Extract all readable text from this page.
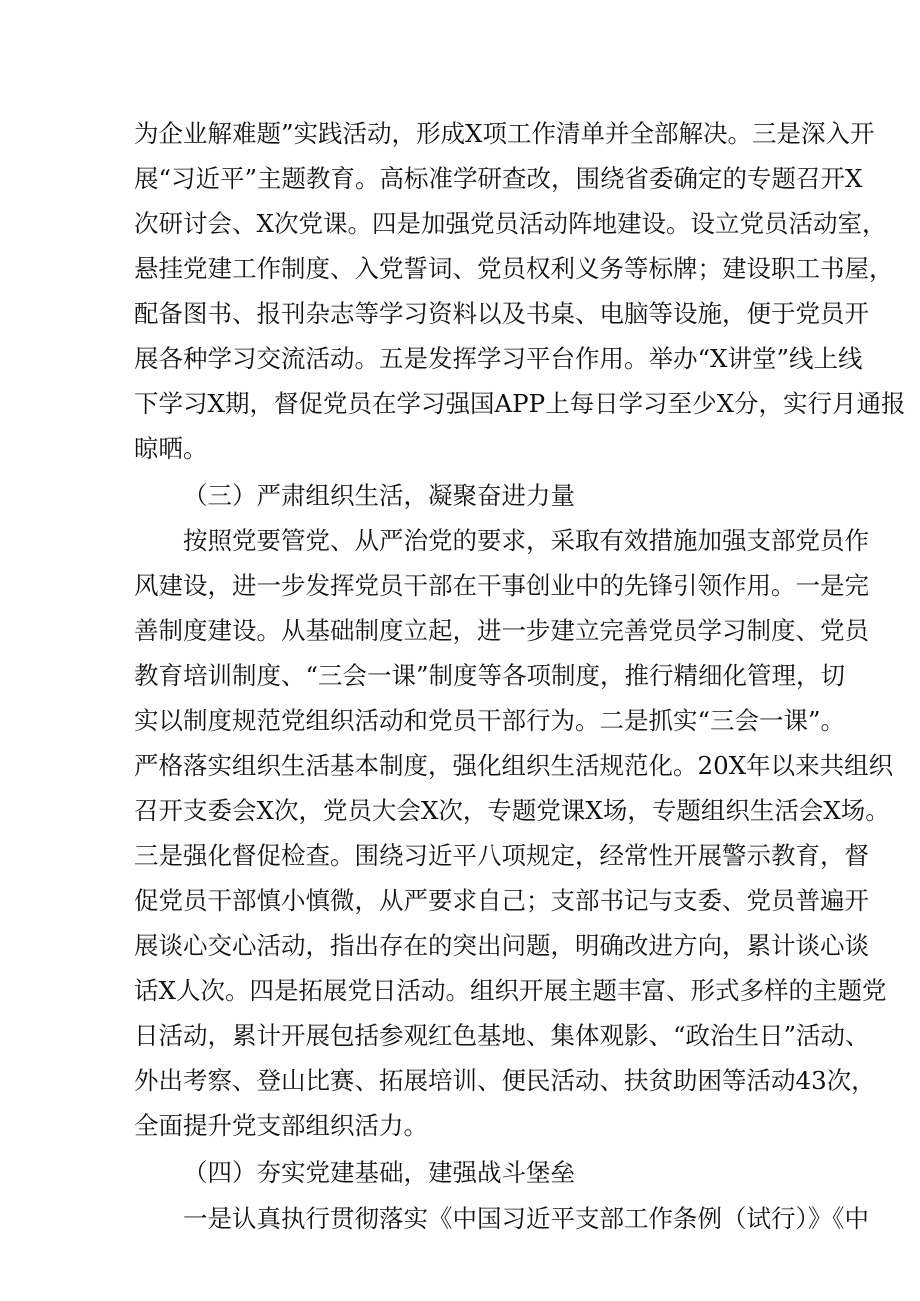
为企业解难题”实践活动，形成X项工作清单并全部解决。三是深入开
展“习近平”主题教育。高标准学研查改，围绕省委确定的专题召开X
次研讨会、X次党课。四是加强党员活动阵地建设。设立党员活动室，
悬挂党建工作制度、入党誓词、党员权利义务等标牌；建设职工书屋，
配备图书、报刊杂志等学习资料以及书桌、电脑等设施，便于党员开
展各种学习交流活动。五是发挥学习平台作用。举办“X讲堂”线上线
下学习X期，督促党员在学习强国APP上每日学习至少X分，实行月通报
晾晒。
（三）严肃组织生活，凝聚奋进力量
按照党要管党、从严治党的要求，采取有效措施加强支部党员作
风建设，进一步发挥党员干部在干事创业中的先锋引领作用。一是完
善制度建设。从基础制度立起，进一步建立完善党员学习制度、党员
教育培训制度、“三会一课”制度等各项制度，推行精细化管理，切
实以制度规范党组织活动和党员干部行为。二是抓实“三会一课”。
严格落实组织生活基本制度，强化组织生活规范化。20X年以来共组织
召开支委会X次，党员大会X次，专题党课X场，专题组织生活会X场。
三是强化督促检查。围绕习近平八项规定，经常性开展警示教育，督
促党员干部慎小慎微，从严要求自己；支部书记与支委、党员普遍开
展谈心交心活动，指出存在的突出问题，明确改进方向，累计谈心谈
话X人次。四是拓展党日活动。组织开展主题丰富、形式多样的主题党
日活动，累计开展包括参观红色基地、集体观影、“政治生日”活动、
外出考察、登山比赛、拓展培训、便民活动、扶贫助困等活动43次，
全面提升党支部组织活力。
（四）夯实党建基础，建强战斗堡垒
一是认真执行贯彻落实《中国习近平支部工作条例（试行）》《中
